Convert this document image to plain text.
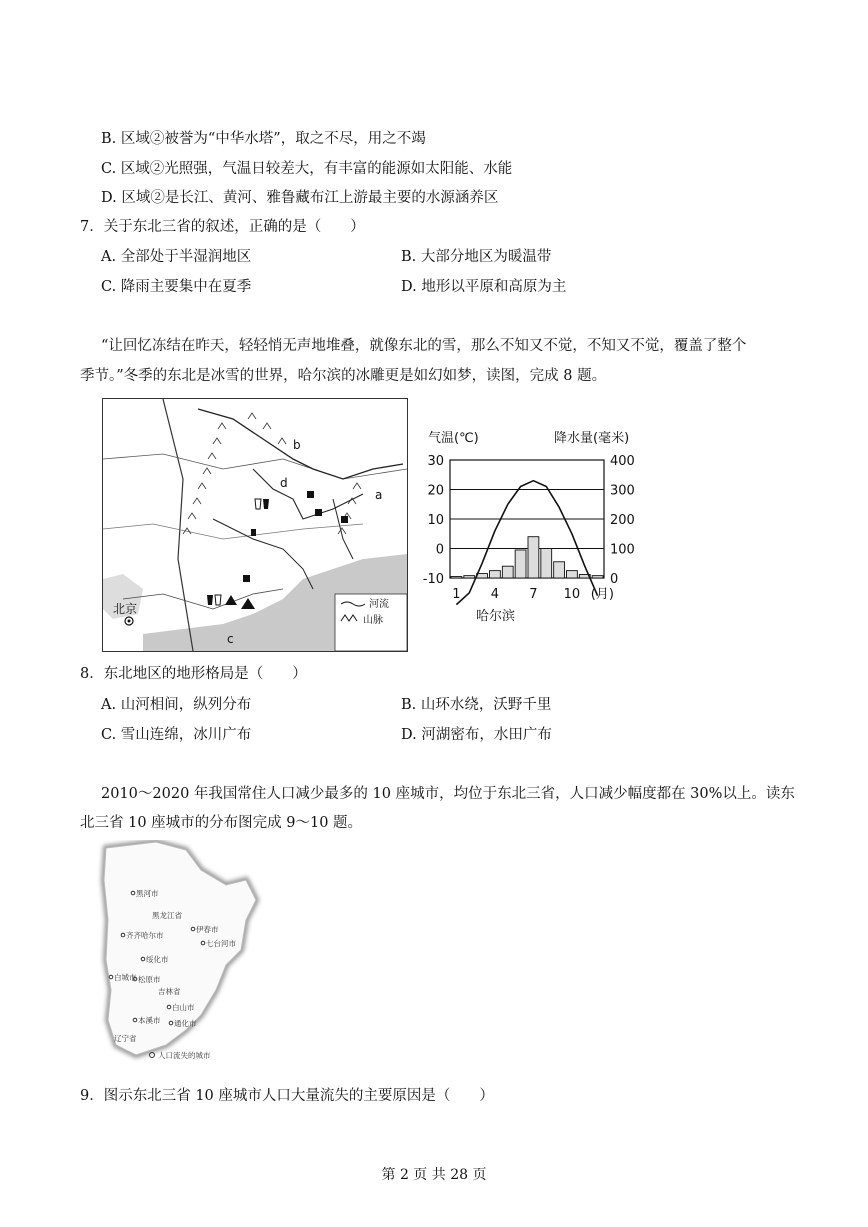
B. 区域②被誉为“中华水塔”，取之不尽，用之不竭
C. 区域②光照强，气温日较差大，有丰富的能源如太阳能、水能
D. 区域②是长江、黄河、雅鲁藏布江上游最主要的水源涵养区
7．关于东北三省的叙述，正确的是（　　）
A. 全部处于半湿润地区	B. 大部分地区为暖温带
C. 降雨主要集中在夏季	D. 地形以平原和高原为主
“让回忆冻结在昨天，轻轻悄无声地堆叠，就像东北的雪，那么不知又不觉，不知又不觉，覆盖了整个
季节。”冬季的东北是冰雪的世界，哈尔滨的冰雕更是如幻如梦，读图，完成 8 题。
北京
b
d
a
c
河流
山脉
气温(℃)	降水量(毫米)
30
20
10
0
-10
400
300
200
100
0
1 4 7 10 (月)
哈尔滨
8．东北地区的地形格局是（　　）
A. 山河相间，纵列分布	B. 山环水绕，沃野千里
C. 雪山连绵，冰川广布	D. 河湖密布，水田广布
2010～2020 年我国常住人口减少最多的 10 座城市，均位于东北三省，人口减少幅度都在 30%以上。读东
北三省 10 座城市的分布图完成 9～10 题。
黑河市
黑龙江省
齐齐哈尔市
伊春市
七台河市
绥化市
白城市 松原市
吉林省
白山市
本溪市 通化市
辽宁省
人口流失的城市
9．图示东北三省 10 座城市人口大量流失的主要原因是（　　）
第 2 页 共 28 页
